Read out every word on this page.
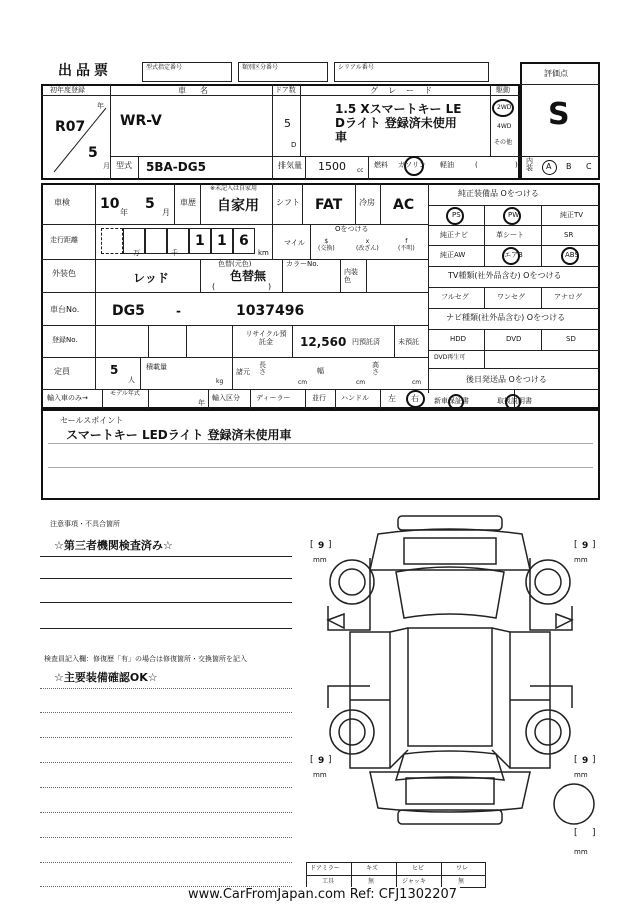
出品票	型式指定番号	類別区分番号	シリアル番号
評価点
S
初年度登録
年
R07
5
月
車名
WR-V
ドア数
5
D
グレード
1.5 Xスマートキー LE
Dライト 登録済未使用
車
駆動
2WD
4WD
その他
型式 5BA-DG5	排気量 1500 cc
燃料 ガソリン 軽油	(	) 内装 A B C
車検 10
年
5
月
車歴
※未記入は自家用
自家用 シフト FAT 冷房 AC
走行距離
万	千
1 1 6
km
マイル
Oをつける
$
(交換)
x
(改ざん)
f
(不明)
外装色	レッド
色替(元色)
色替無
(	)
カラーNo.
内装色
車台No. DG5	-	1037496
登録No.
リサイクル預託金	12,560 円預託済	未預託
定員	5
人
積載量
kg
諸元
長さ
cm
幅
cm
高さ
cm
輸入車のみ→
モデル年式
年
輸入区分 ディーラー	並行 ハンドル 左 右
純正装備品 Oをつける
PS	PW	純正TV
純正ナビ	革シート	SR
純正AW	エアB	ABS
TV種類(社外品含む) Oをつける
フルセグ	ワンセグ	アナログ
ナビ種類(社外品含む) Oをつける
HDD	DVD	SD
DVD再生可
後日発送品 Oをつける
新車保証書	取扱説明書
セールスポイント
スマートキー LEDライト 登録済未使用車
注意事項・不具合箇所
☆第三者機関検査済み☆
検査員記入欄：修復歴「有」の場合は修復箇所・交換箇所を記入
☆主要装備確認OK☆
[ 9 ]
mm
[ 9 ]
mm
[ 9 ]
mm
[ 9 ]
mm
[ ]
mm
ドアミラー	キズ	ヒビ	ワレ
工具	無	ジャッキ	無
www.CarFromJapan.com Ref: CFJ1302207
